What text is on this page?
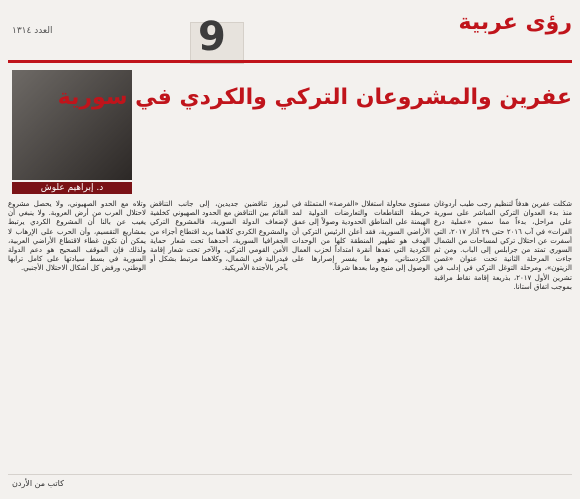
رؤى عربية
9
العدد ١٣١٤
د. إبراهيم علوش
عفرين والمشروعان التركي والكردي في سورية

شكلت عفرين هدفاً لتنظيم رجب طيب أردوغان منذ بدء العدوان التركي المباشر على سورية على مراحل، بدءاً مما سمي «عملية درع الفرات» في آب ٢٠١٦ حتى ٢٩ آذار ٢٠١٧، التي أسفرت عن احتلال تركي لمساحات من الشمال السوري تمتد من جرابلس إلى الباب. ومن ثم جاءت المرحلة الثانية تحت عنوان «غصن الزيتون»، ومرحلة التوغل التركي في إدلب في تشرين الأول ٢٠١٧، بذريعة إقامة نقاط مراقبة بموجب اتفاق أستانا.

مستوى محاولة استغلال «الفرصة» المتمثلة في خريطة التقاطعات والتعارضات الدولية لمد الهيمنة على المناطق الحدودية وصولاً إلى عمق الأراضي السورية، فقد أعلن الرئيس التركي أن الهدف هو تطهير المنطقة كلها من الوحدات الكردية التي تعدها أنقرة امتداداً لحزب العمال الكردستاني، وهو ما يفسر إصرارها على الوصول إلى منبج وما بعدها شرقاً.

لبروز تناقضين جديدين، إلى جانب التناقض القائم بين التناقض مع الحدود الصهيوني كخلفية لإضعاف الدولة السورية، فالمشروع التركي والمشروع الكردي كلاهما يريد اقتطاع أجزاء من الجغرافيا السورية، أحدهما تحت شعار حماية الأمن القومي التركي، والآخر تحت شعار إقامة فيدرالية في الشمال، وكلاهما مرتبط بشكل أو بآخر بالأجندة الأمريكية.

وتلاه مع الحدو الصهيوني، ولا يحصل مشروع لاحتلال العرب من أرض العروبة. ولا ينبغي أن يغيب عن بالنا أن المشروع الكردي يرتبط بمشاريع التقسيم، وأن الحرب على الإرهاب لا يمكن أن تكون غطاء لاقتطاع الأراضي العربية، ولذلك فإن الموقف الصحيح هو دعم الدولة السورية في بسط سيادتها على كامل ترابها الوطني، ورفض كل أشكال الاحتلال الأجنبي.

كاتب من الأردن
